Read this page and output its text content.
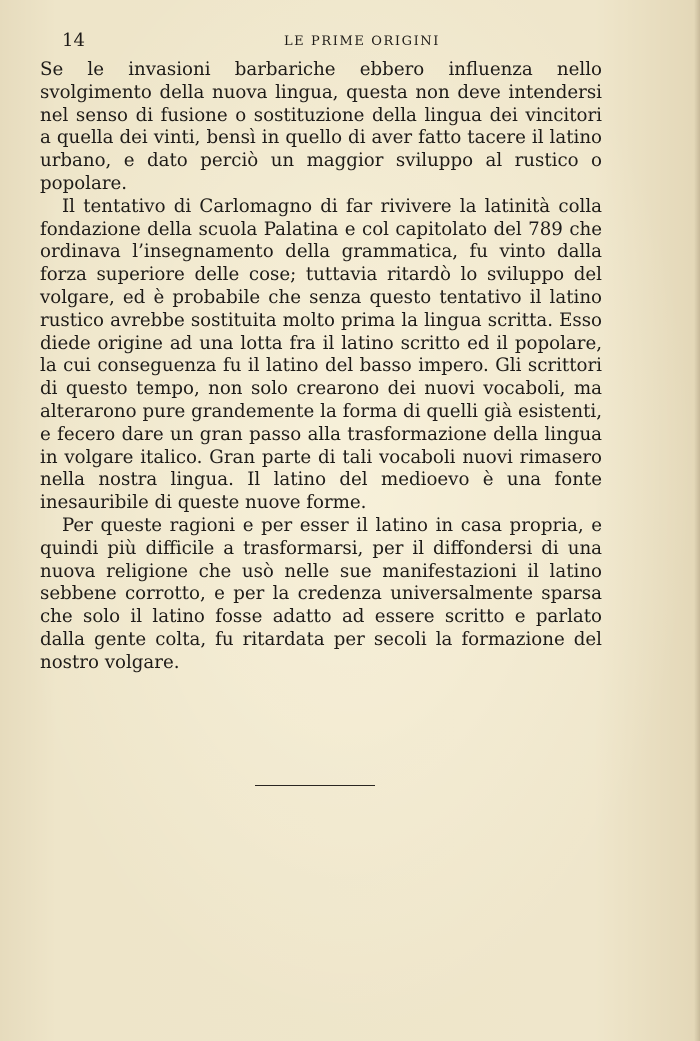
14	LE PRIME ORIGINI

Se le invasioni barbariche ebbero influenza nello svolgimento della nuova lingua, questa non deve intendersi nel senso di fusione o sostituzione della lingua dei vincitori a quella dei vinti, bensì in quello di aver fatto tacere il latino urbano, e dato perciò un maggior sviluppo al rustico o popolare.

Il tentativo di Carlomagno di far rivivere la latinità colla fondazione della scuola Palatina e col capitolato del 789 che ordinava l’insegnamento della grammatica, fu vinto dalla forza superiore delle cose; tuttavia ritardò lo sviluppo del volgare, ed è probabile che senza questo tentativo il latino rustico avrebbe sostituita molto prima la lingua scritta. Esso diede origine ad una lotta fra il latino scritto ed il popolare, la cui conseguenza fu il latino del basso impero. Gli scrittori di questo tempo, non solo crearono dei nuovi vocaboli, ma alterarono pure grandemente la forma di quelli già esistenti, e fecero dare un gran passo alla trasformazione della lingua in volgare italico. Gran parte di tali vocaboli nuovi rimasero nella nostra lingua. Il latino del medioevo è una fonte inesauribile di queste nuove forme.

Per queste ragioni e per esser il latino in casa propria, e quindi più difficile a trasformarsi, per il diffondersi di una nuova religione che usò nelle sue manifestazioni il latino sebbene corrotto, e per la credenza universalmente sparsa che solo il latino fosse adatto ad essere scritto e parlato dalla gente colta, fu ritardata per secoli la formazione del nostro volgare.
